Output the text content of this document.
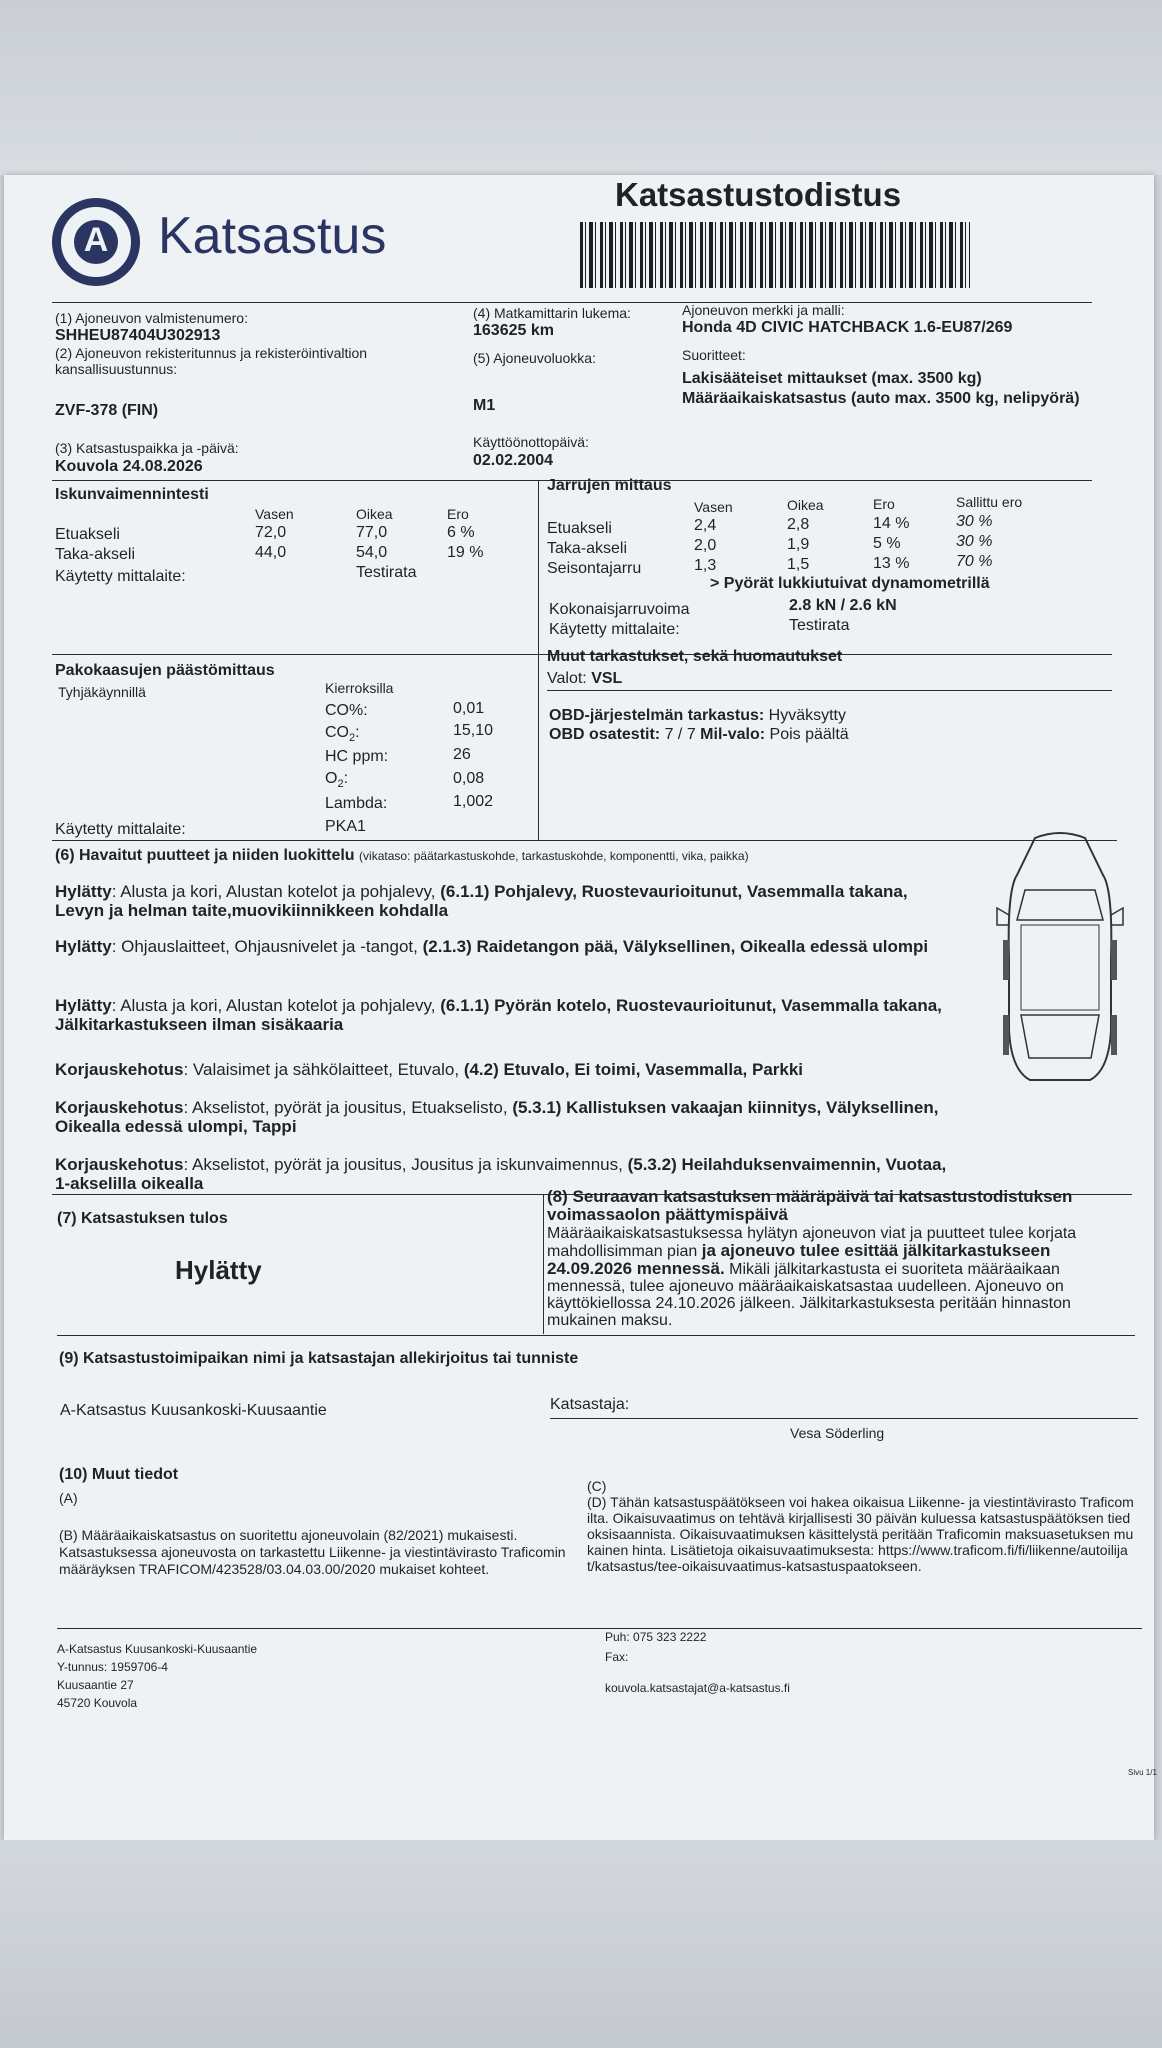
A Katsastus
Katsastustodistus
(1) Ajoneuvon valmistenumero:
SHHEU87404U302913
(2) Ajoneuvon rekisteritunnus ja rekisteröintivaltion kansallisuustunnus:
ZVF-378 (FIN)
(3) Katsastuspaikka ja -päivä:
Kouvola 24.08.2026
(4) Matkamittarin lukema:
163625 km
(5) Ajoneuvoluokka:
M1
Käyttöönottopäivä:
02.02.2004
Ajoneuvon merkki ja malli:
Honda 4D CIVIC HATCHBACK 1.6-EU87/269
Suoritteet:
Lakisääteiset mittaukset (max. 3500 kg)
Määräaikaiskatsastus (auto max. 3500 kg, nelipyörä)
Iskunvaimennintesti
Vasen	Oikea	Ero
Etuakseli	72,0	77,0	6 %
Taka-akseli	44,0	54,0	19 %
Käytetty mittalaite:	Testirata
Jarrujen mittaus
Vasen	Oikea	Ero	Sallittu ero
Etuakseli	2,4	2,8	14 %	30 %
Taka-akseli	2,0	1,9	5 %	30 %
Seisontajarru	1,3	1,5	13 %	70 %
> Pyörät lukkiutuivat dynamometrillä
Kokonaisjarruvoima	2.8 kN / 2.6 kN
Käytetty mittalaite:	Testirata
Pakokaasujen päästömittaus
Tyhjäkäynnillä	Kierroksilla
CO%:	0,01
$CO_2$:	15,10
HC ppm:	26
$O_2$:	0,08
Lambda:	1,002
Käytetty mittalaite:	PKA1
Muut tarkastukset, sekä huomautukset
Valot: VSL
OBD-järjestelmän tarkastus: Hyväksytty
OBD osatestit: 7 / 7 Mil-valo: Pois päältä
(6) Havaitut puutteet ja niiden luokittelu (vikataso: päätarkastuskohde, tarkastuskohde, komponentti, vika, paikka)
Hylätty: Alusta ja kori, Alustan kotelot ja pohjalevy, (6.1.1) Pohjalevy, Ruostevaurioitunut, Vasemmalla takana, Levyn ja helman taite,muovikiinnikkeen kohdalla
Hylätty: Ohjauslaitteet, Ohjausnivelet ja -tangot, (2.1.3) Raidetangon pää, Välyksellinen, Oikealla edessä ulompi
Hylätty: Alusta ja kori, Alustan kotelot ja pohjalevy, (6.1.1) Pyörän kotelo, Ruostevaurioitunut, Vasemmalla takana, Jälkitarkastukseen ilman sisäkaaria
Korjauskehotus: Valaisimet ja sähkölaitteet, Etuvalo, (4.2) Etuvalo, Ei toimi, Vasemmalla, Parkki
Korjauskehotus: Akselistot, pyörät ja jousitus, Etuakselisto, (5.3.1) Kallistuksen vakaajan kiinnitys, Välyksellinen, Oikealla edessä ulompi, Tappi
Korjauskehotus: Akselistot, pyörät ja jousitus, Jousitus ja iskunvaimennus, (5.3.2) Heilahduksenvaimennin, Vuotaa, 1-akselilla oikealla
(7) Katsastuksen tulos
Hylätty
(8) Seuraavan katsastuksen määräpäivä tai katsastustodistuksen voimassaolon päättymispäivä
Määräaikaiskatsastuksessa hylätyn ajoneuvon viat ja puutteet tulee korjata mahdollisimman pian ja ajoneuvo tulee esittää jälkitarkastukseen 24.09.2026 mennessä. Mikäli jälkitarkastusta ei suoriteta määräaikaan mennessä, tulee ajoneuvo määräaikaiskatsastaa uudelleen. Ajoneuvo on käyttökiellossa 24.10.2026 jälkeen. Jälkitarkastuksesta peritään hinnaston mukainen maksu.
(9) Katsastustoimipaikan nimi ja katsastajan allekirjoitus tai tunniste
A-Katsastus Kuusankoski-Kuusaantie	Katsastaja:
Vesa Söderling
(10) Muut tiedot
(A)
(B) Määräaikaiskatsastus on suoritettu ajoneuvolain (82/2021) mukaisesti. Katsastuksessa ajoneuvosta on tarkastettu Liikenne- ja viestintävirasto Traficomin määräyksen TRAFICOM/423528/03.04.03.00/2020 mukaiset kohteet.
(C)
(D) Tähän katsastuspäätökseen voi hakea oikaisua Liikenne- ja viestintävirasto Traficomilta. Oikaisuvaatimus on tehtävä kirjallisesti 30 päivän kuluessa katsastuspäätöksen tiedoksisaannista. Oikaisuvaatimuksen käsittelystä peritään Traficomin maksuasetuksen mukainen hinta. Lisätietoja oikaisuvaatimuksesta: https://www.traficom.fi/fi/liikenne/autoilijat/katsastus/tee-oikaisuvaatimus-katsastuspaatokseen.
A-Katsastus Kuusankoski-Kuusaantie
Y-tunnus: 1959706-4
Kuusaantie 27
45720 Kouvola
Puh: 075 323 2222
Fax:
kouvola.katsastajat@a-katsastus.fi
Sivu 1/1
